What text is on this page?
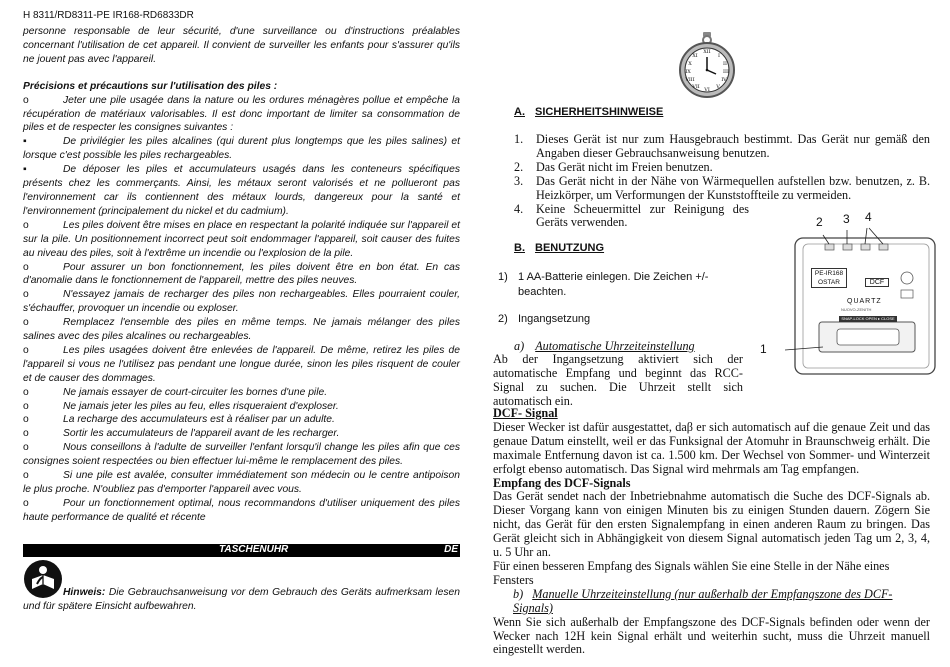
H 8311/RD8311-PE IR168-RD6833DR

personne responsable de leur sécurité, d'une surveillance ou d'instructions préalables concernant l'utilisation de cet appareil. Il convient de surveiller les enfants pour s'assurer qu'ils ne jouent pas avec l'appareil.

Précisions et précautions sur l'utilisation des piles :

o	Jeter une pile usagée dans la nature ou les ordures ménagères pollue et empêche la récupération de matériaux valorisables. Il est donc important de limiter sa consommation de piles et de respecter les consignes suivantes :

▪	De privilégier les piles alcalines (qui durent plus longtemps que les piles salines) et lorsque c'est possible les piles rechargeables.

▪	De déposer les piles et accumulateurs usagés dans les conteneurs spécifiques présents chez les commerçants. Ainsi, les métaux seront valorisés et ne pollueront pas l'environnement car ils contiennent des métaux lourds, dangereux pour la santé et l'environnement (principalement du nickel et du cadmium).

o	Les piles doivent être mises en place en respectant la polarité indiquée sur l'appareil et sur la pile. Un positionnement incorrect peut soit endommager l'appareil, soit causer des fuites au niveau des piles, soit à l'extrême un incendie ou l'explosion de la pile.

o	Pour assurer un bon fonctionnement, les piles doivent être en bon état. En cas d'anomalie dans le fonctionnement de l'appareil, mettre des piles neuves.

o	N'essayez jamais de recharger des piles non rechargeables. Elles pourraient couler, s'échauffer, provoquer un incendie ou exploser.

o	Remplacez l'ensemble des piles en même temps. Ne jamais mélanger des piles salines avec des piles alcalines ou rechargeables.

o	Les piles usagées doivent être enlevées de l'appareil. De même, retirez les piles de l'appareil si vous ne l'utilisez pas pendant une longue durée, sinon les piles risquent de couler et de causer des dommages.

o	Ne jamais essayer de court-circuiter les bornes d'une pile.

o	Ne jamais jeter les piles au feu, elles risqueraient d'exploser.

o	La recharge des accumulateurs est à réaliser par un adulte.

o	Sortir les accumulateurs de l'appareil avant de les recharger.

o	Nous conseillons à l'adulte de surveiller l'enfant lorsqu'il change les piles afin que ces consignes soient respectées ou bien effectuer lui-même le remplacement des piles.

o	Si une pile est avalée, consulter immédiatement son médecin ou le centre antipoison le plus proche. N'oubliez pas d'emporter l'appareil avec vous.

o	Pour un fonctionnement optimal, nous recommandons d'utiliser uniquement des piles haute performance de qualité et récente

TASCHENUHR	DE
Hinweis: Die Gebrauchsanweisung vor dem Gebrauch des Geräts aufmerksam lesen und für spätere Einsicht aufbewahren.
XII
I
II
III
IV
V
VI
VII
VIII
IX
X
XI
A. SICHERHEITSHINWEISE
1.	Dieses Gerät ist nur zum Hausgebrauch bestimmt. Das Gerät nur gemäß den Angaben dieser Gebrauchsanweisung benutzen.
2.	Das Gerät nicht im Freien benutzen.
3.	Das Gerät nicht in der Nähe von Wärmequellen aufstellen bzw. benutzen, z. B. Heizkörper, um Verformungen der Kunststoffteile zu vermeiden.
4.	Keine Scheuermittel zur Reinigung des Geräts verwenden.
B. BENUTZUNG
1) 1 AA-Batterie einlegen. Die Zeichen +/- beachten.
2) Ingangsetzung
a) Automatische Uhrzeiteinstellung
Ab der Ingangsetzung aktiviert sich der automatische Empfang und beginnt das RCC-Signal zu suchen. Die Uhrzeit stellt sich automatisch ein.
2 3 4
1
PE-IR168
OSTAR	DCF
QUARTZ
NUOVO-ZENITH
SNAP-LOCK OPEN ▸ CLOSE

DCF- Signal

Dieser Wecker ist dafür ausgestattet, daβ er sich automatisch auf die genaue Zeit und das genaue Datum einstellt, weil er das Funksignal der Atomuhr in Braunschweig erhält. Die maximale Entfernung davon ist ca. 1.500 km. Der Wechsel von Sommer- und Winterzeit erfolgt ebenso automatisch. Das Signal wird mehrmals am Tag empfangen.

Empfang des DCF-Signals

Das Gerät sendet nach der Inbetriebnahme automatisch die Suche des DCF-Signals ab. Dieser Vorgang kann von einigen Minuten bis zu einigen Stunden dauern. Zögern Sie nicht, das Gerät für den ersten Signalempfang in einen anderen Raum zu bringen. Das Gerät gleicht sich in Abhängigkeit von diesem Signal automatisch jeden Tag um 2, 3, 4, u. 5 Uhr an.

Für einen besseren Empfang des Signals wählen Sie eine Stelle in der Nähe eines Fensters

b) Manuelle Uhrzeiteinstellung (nur außerhalb der Empfangszone des DCF-Signals)

Wenn Sie sich außerhalb der Empfangszone des DCF-Signals befinden oder wenn der Wecker nach 12H kein Signal erhält und weiterhin sucht, muss die Uhrzeit manuell eingestellt werden.
